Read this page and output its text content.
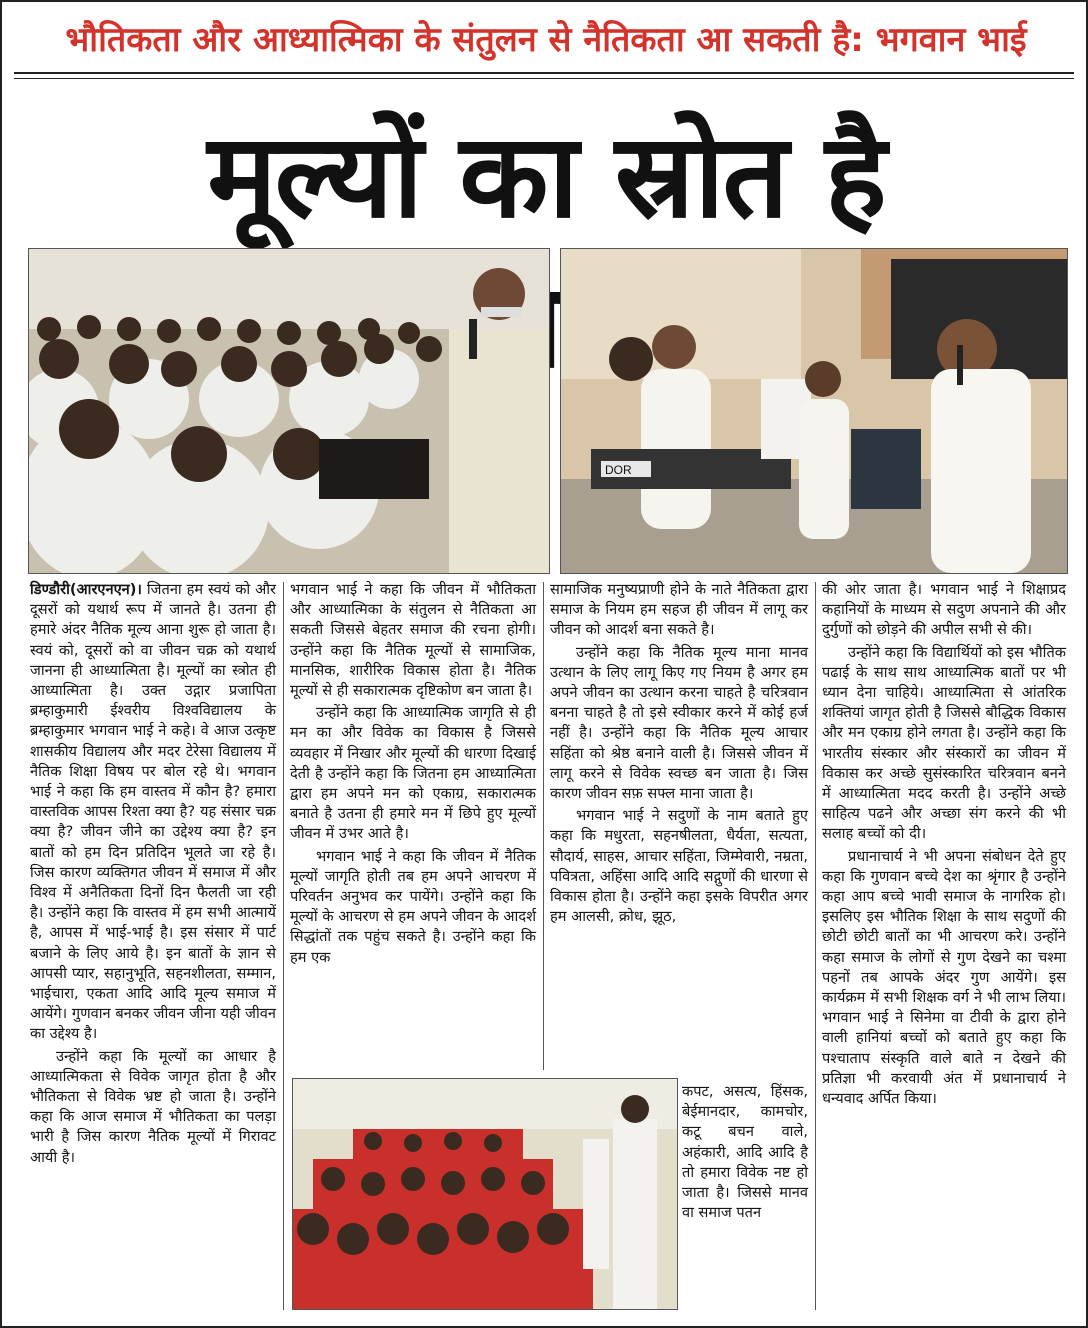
भौतिकता और आध्यात्मिका के संतुलन से नैतिकता आ सकती है: भगवान भाई
मूल्यों का स्रोत है
DOR

डिण्डौरी(आरएनएन)। जितना हम स्वयं को और दूसरों को यथार्थ रूप में जानते है। उतना ही हमारे अंदर नैतिक मूल्य आना शुरू हो जाता है। स्वयं को, दूसरों को वा जीवन चक्र को यथार्थ जानना ही आध्यात्मिता है। मूल्यों का स्त्रोत ही आध्यात्मिता है। उक्त उद्गार प्रजापिता ब्रम्हाकुमारी ईश्वरीय विश्वविद्यालय के ब्रम्हाकुमार भगवान भाई ने कहे। वे आज उत्कृष्ट शासकीय विद्यालय और मदर टेरेसा विद्यालय में नैतिक शिक्षा विषय पर बोल रहे थे। भगवान भाई ने कहा कि हम वास्तव में कौन है? हमारा वास्तविक आपस रिश्ता क्या है? यह संसार चक्र क्या है? जीवन जीने का उद्देश्य क्या है? इन बातों को हम दिन प्रतिदिन भूलते जा रहे है। जिस कारण व्यक्तिगत जीवन में समाज में और विश्व में अनैतिकता दिनों दिन फैलती जा रही है। उन्होंने कहा कि वास्तव में हम सभी आत्मायें है, आपस में भाई-भाई है। इस संसार में पार्ट बजाने के लिए आये है। इन बातों के ज्ञान से आपसी प्यार, सहानुभूति, सहनशीलता, सम्मान, भाईचारा, एकता आदि आदि मूल्य समाज में आयेंगे। गुणवान बनकर जीवन जीना यही जीवन का उद्देश्य है।

उन्होंने कहा कि मूल्यों का आधार है आध्यात्मिकता से विवेक जागृत होता है और भौतिकता से विवेक भ्रष्ट हो जाता है। उन्होंने कहा कि आज समाज में भौतिकता का पलड़ा भारी है जिस कारण नैतिक मूल्यों में गिरावट आयी है।

भगवान भाई ने कहा कि जीवन में भौतिकता और आध्यात्मिका के संतुलन से नैतिकता आ सकती जिससे बेहतर समाज की रचना होगी। उन्होंने कहा कि नैतिक मूल्यों से सामाजिक, मानसिक, शारीरिक विकास होता है। नैतिक मूल्यों से ही सकारात्मक दृष्टिकोण बन जाता है।

उन्होंने कहा कि आध्यात्मिक जागृति से ही मन का और विवेक का विकास है जिससे व्यवहार में निखार और मूल्यों की धारणा दिखाई देती है उन्होंने कहा कि जितना हम आध्यात्मिता द्वारा हम अपने मन को एकाग्र, सकारात्मक बनाते है उतना ही हमारे मन में छिपे हुए मूल्यों जीवन में उभर आते है।

भगवान भाई ने कहा कि जीवन में नैतिक मूल्यों जागृति होती तब हम अपने आचरण में परिवर्तन अनुभव कर पायेंगे। उन्होंने कहा कि मूल्यों के आचरण से हम अपने जीवन के आदर्श सिद्धांतों तक पहुंच सकते है। उन्होंने कहा कि हम एक

सामाजिक मनुष्यप्राणी होने के नाते नैतिकता द्वारा समाज के नियम हम सहज ही जीवन में लागू कर जीवन को आदर्श बना सकते है।

उन्होंने कहा कि नैतिक मूल्य माना मानव उत्थान के लिए लागू किए गए नियम है अगर हम अपने जीवन का उत्थान करना चाहते है चरित्रवान बनना चाहते है तो इसे स्वीकार करने में कोई हर्ज नहीं है। उन्होंने कहा कि नैतिक मूल्य आचार सहिंता को श्रेष्ठ बनाने वाली है। जिससे जीवन में लागू करने से विवेक स्वच्छ बन जाता है। जिस कारण जीवन सफ़ सफ्ल माना जाता है।

भगवान भाई ने सदुणों के नाम बताते हुए कहा कि मधुरता, सहनषीलता, धैर्यता, सत्यता, सौदार्य, साहस, आचार सहिंता, जिम्मेवारी, नम्रता, पवित्रता, अहिंसा आदि आदि सद्गुणों की धारणा से विकास होता है। उन्होंने कहा इसके विपरीत अगर हम आलसी, क्रोध, झूठ,

कपट, असत्य, हिंसक, बेईमानदार, कामचोर, कटू बचन वाले, अहंकारी, आदि आदि है तो हमारा विवेक नष्ट हो जाता है। जिससे मानव वा समाज पतन

की ओर जाता है। भगवान भाई ने शिक्षाप्रद कहानियों के माध्यम से सदुण अपनाने की और दुर्गुणों को छोड़ने की अपील सभी से की।

उन्होंने कहा कि विद्यार्थियों को इस भौतिक पढाई के साथ साथ आध्यात्मिक बातों पर भी ध्यान देना चाहिये। आध्यात्मिता से आंतरिक शक्तियां जागृत होती है जिससे बौद्धिक विकास और मन एकाग्र होने लगता है। उन्होंने कहा कि भारतीय संस्कार और संस्कारों का जीवन में विकास कर अच्छे सुसंस्कारित चरित्रवान बनने में आध्यात्मिता मदद करती है। उन्होंने अच्छे साहित्य पढने और अच्छा संग करने की भी सलाह बच्चों को दी।

प्रधानाचार्य ने भी अपना संबोधन देते हुए कहा कि गुणवान बच्चे देश का श्रृंगार है उन्होंने कहा आप बच्चे भावी समाज के नागरिक हो। इसलिए इस भौतिक शिक्षा के साथ सदुणों की छोटी छोटी बातों का भी आचरण करे। उन्होंने कहा समाज के लोगों से गुण देखने का चश्मा पहनों तब आपके अंदर गुण आयेंगे। इस कार्यक्रम में सभी शिक्षक वर्ग ने भी लाभ लिया। भगवान भाई ने सिनेमा वा टीवी के द्वारा होने वाली हानियां बच्चों को बताते हुए कहा कि पश्चाताप संस्कृति वाले बाते न देखने की प्रतिज्ञा भी करवायी अंत में प्रधानाचार्य ने धन्यवाद अर्पित किया।
